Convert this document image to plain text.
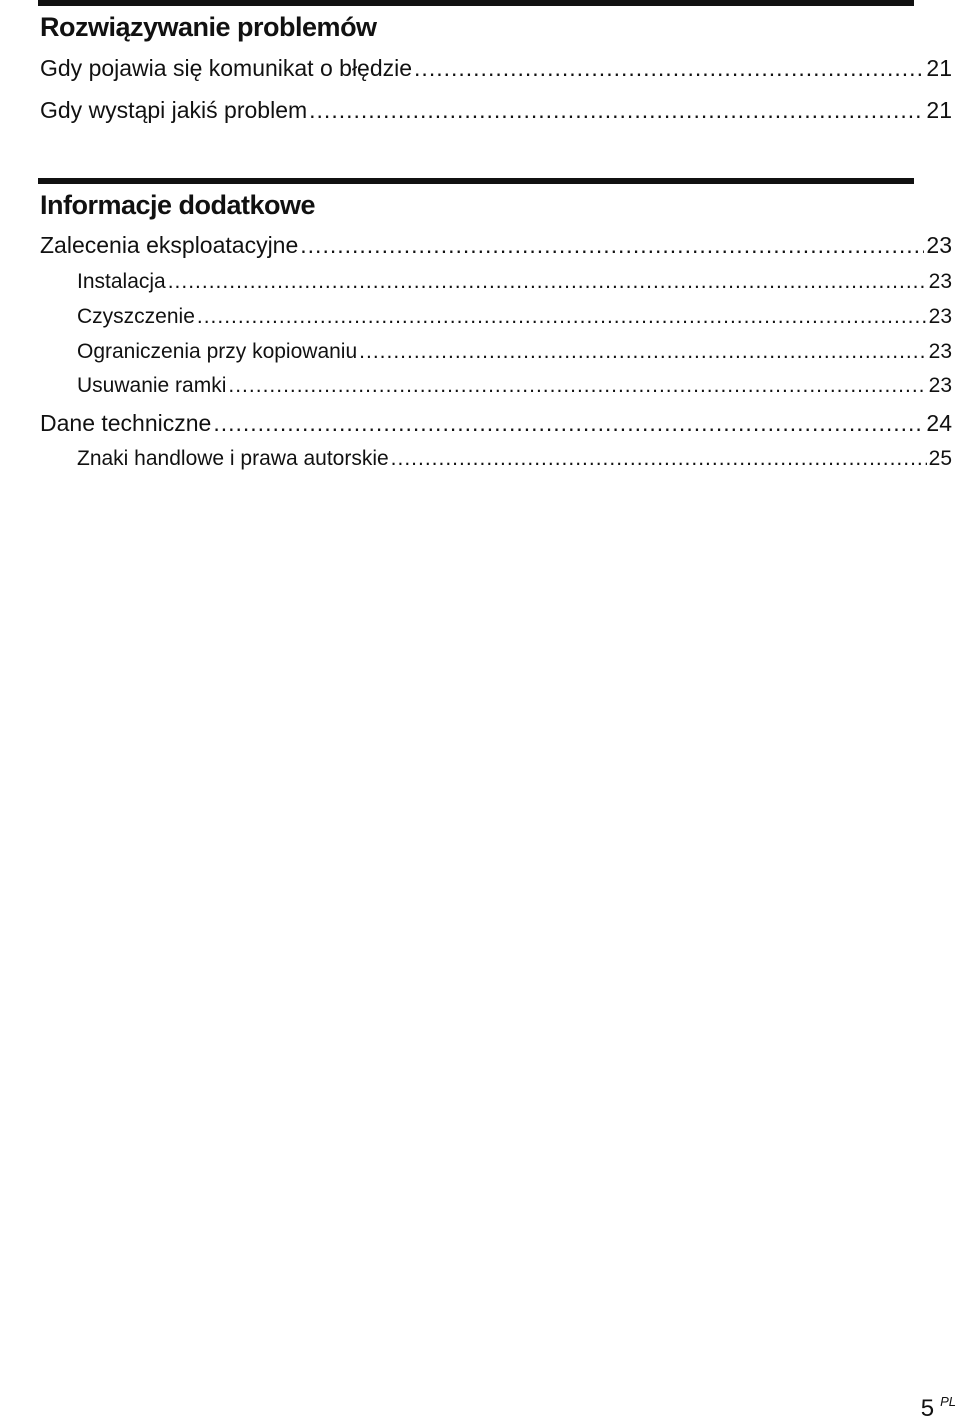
Rozwiązywanie problemów
Gdy pojawia się komunikat o błędzie .....	21
Gdy wystąpi jakiś problem .....	21
Informacje dodatkowe
Zalecenia eksploatacyjne .....	23
Instalacja .....	23
Czyszczenie .....	23
Ograniczenia przy kopiowaniu .....	23
Usuwanie ramki .....	23
Dane techniczne .....	24
Znaki handlowe i prawa autorskie .....	25
5 PL
